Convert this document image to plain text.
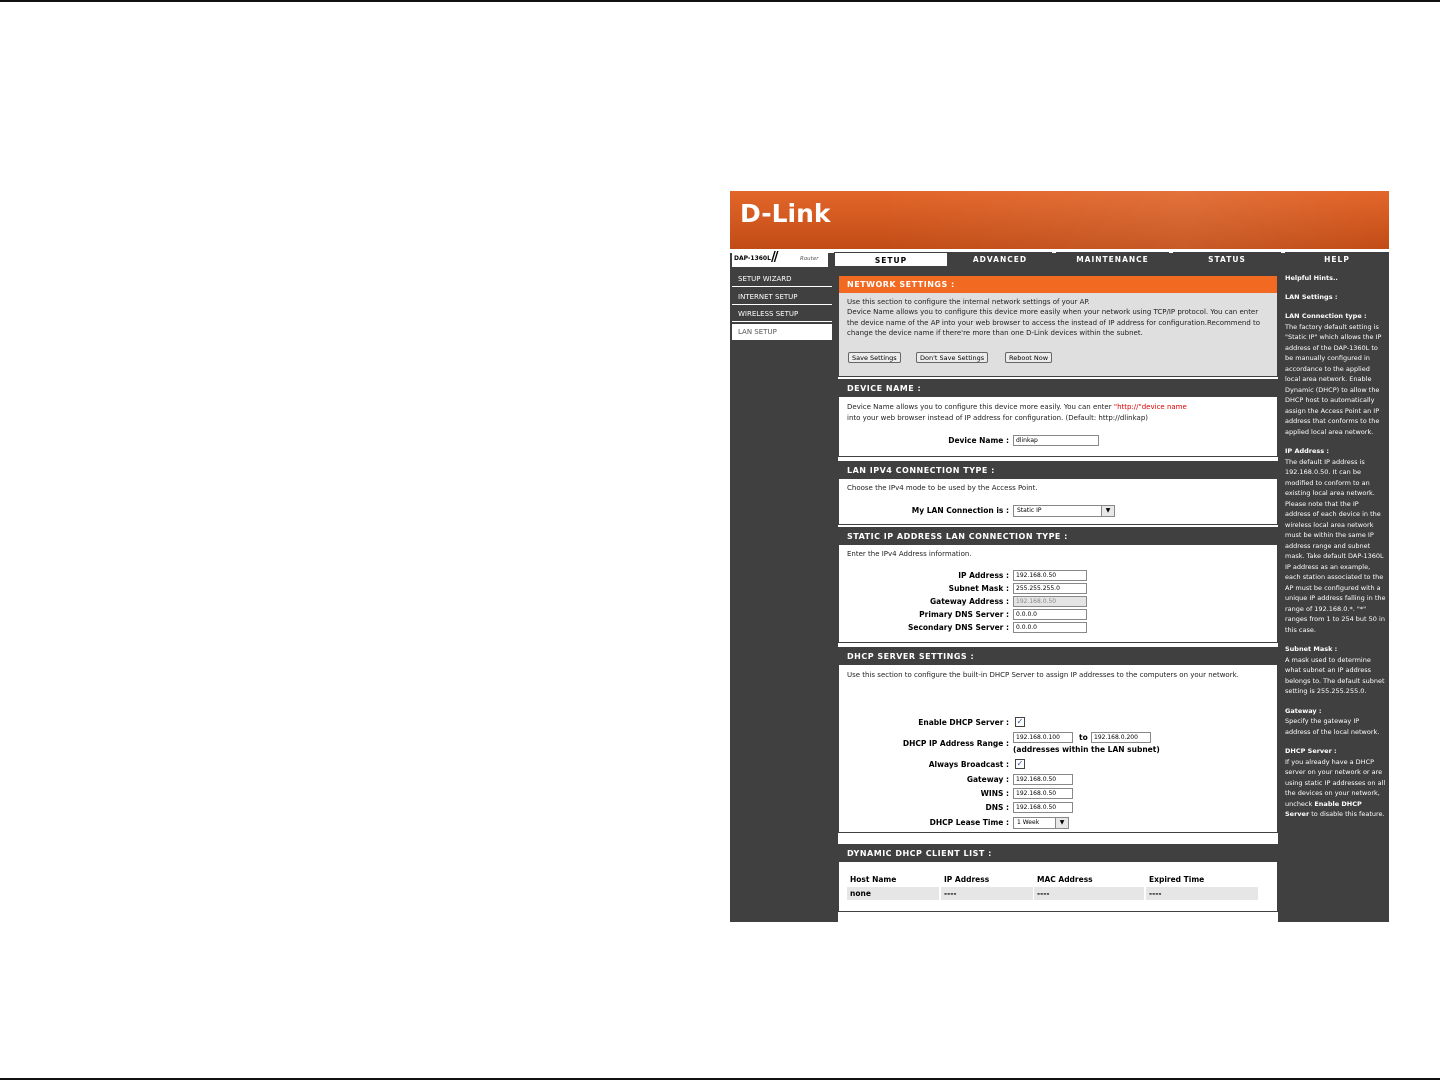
D-Link
DAP-1360L //	Router	SETUP	ADVANCED	MAINTENANCE	STATUS	HELP
SETUP WIZARD
INTERNET SETUP
WIRELESS SETUP
LAN SETUP
NETWORK SETTINGS :
Use this section to configure the internal network settings of your AP.
Device Name allows you to configure this device more easily when your network using TCP/IP protocol. You can enter the device name of the AP into your web browser to access the instead of IP address for configuration.Recommend to change the device name if there're more than one D-Link devices within the subnet.
Save Settings	Don't Save Settings	Reboot Now
DEVICE NAME :
Device Name allows you to configure this device more easily. You can enter "http://"device name
into your web browser instead of IP address for configuration. (Default: http://dlinkap)
Device Name :	dlinkap
LAN IPV4 CONNECTION TYPE :
Choose the IPv4 mode to be used by the Access Point.
My LAN Connection is :	Static IP	▼
STATIC IP ADDRESS LAN CONNECTION TYPE :
Enter the IPv4 Address information.
IP Address :	192.168.0.50
Subnet Mask :	255.255.255.0
Gateway Address :	192.168.0.50
Primary DNS Server :	0.0.0.0
Secondary DNS Server :	0.0.0.0
DHCP SERVER SETTINGS :
Use this section to configure the built-in DHCP Server to assign IP addresses to the computers on your network.
Enable DHCP Server : ✓
DHCP IP Address Range :
192.168.0.100	to	192.168.0.200
(addresses within the LAN subnet)
Always Broadcast : ✓
Gateway :	192.168.0.50
WINS :	192.168.0.50
DNS :	192.168.0.50
DHCP Lease Time :	1 Week	▼
DYNAMIC DHCP CLIENT LIST :
Host Name	IP Address	MAC Address	Expired Time
none	----	----	----
Helpful Hints..
LAN Settings :
LAN Connection type :
The factory default setting is "Static IP" which allows the IP address of the DAP-1360L to be manually configured in accordance to the applied local area network. Enable Dynamic (DHCP) to allow the DHCP host to automatically assign the Access Point an IP address that conforms to the applied local area network.
IP Address :
The default IP address is 192.168.0.50. It can be modified to conform to an existing local area network. Please note that the IP address of each device in the wireless local area network must be within the same IP address range and subnet mask. Take default DAP-1360L IP address as an example, each station associated to the AP must be configured with a unique IP address falling in the range of 192.168.0.*. "*" ranges from 1 to 254 but 50 in this case.
Subnet Mask :
A mask used to determine what subnet an IP address belongs to. The default subnet setting is 255.255.255.0.
Gateway :
Specify the gateway IP address of the local network.
DHCP Server :
If you already have a DHCP server on your network or are using static IP addresses on all the devices on your network, uncheck Enable DHCP Server to disable this feature.
